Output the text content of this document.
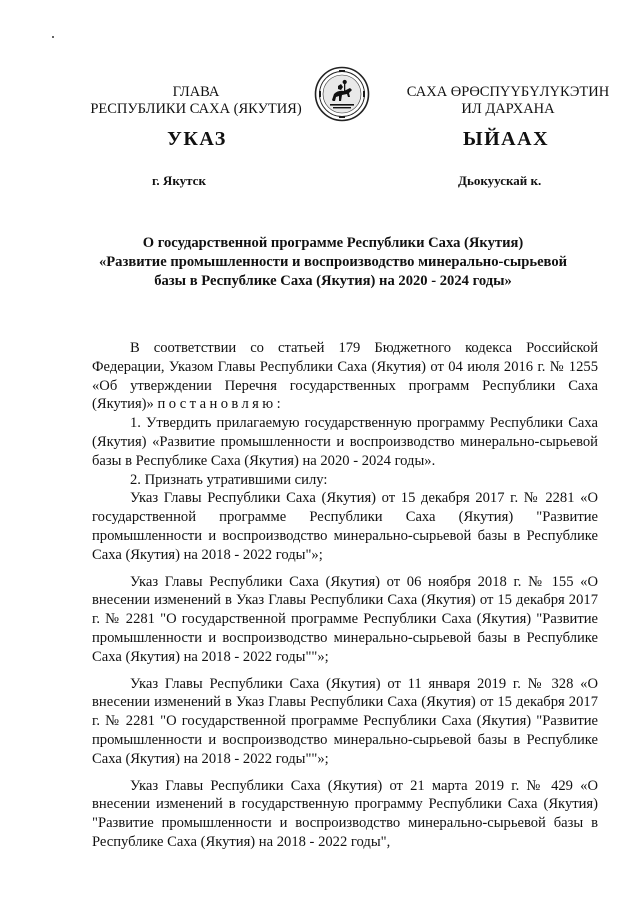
ГЛАВА
РЕСПУБЛИКИ САХА (ЯКУТИЯ)
САХА ӨРӨСПҮҮБҮЛҮКЭТИН
ИЛ ДАРХАНА
УКАЗ	ЫЙААХ
г. Якутск	Дьокуускай к.
О государственной программе Республики Саха (Якутия)
«Развитие промышленности и воспроизводство минерально-сырьевой
базы в Республике Саха (Якутия) на 2020 - 2024 годы»

В соответствии со статьей 179 Бюджетного кодекса Российской Федерации, Указом Главы Республики Саха (Якутия) от 04 июля 2016 г. № 1255 «Об утверждении Перечня государственных программ Республики Саха (Якутия)» постановляю:

1. Утвердить прилагаемую государственную программу Республики Саха (Якутия) «Развитие промышленности и воспроизводство минерально-сырьевой базы в Республике Саха (Якутия) на 2020 - 2024 годы».

2. Признать утратившими силу:

Указ Главы Республики Саха (Якутия) от 15 декабря 2017 г. № 2281 «О государственной программе Республики Саха (Якутия) "Развитие промышленности и воспроизводство минерально-сырьевой базы в Республике Саха (Якутия) на 2018 - 2022 годы"»;

Указ Главы Республики Саха (Якутия) от 06 ноября 2018 г. № 155 «О внесении изменений в Указ Главы Республики Саха (Якутия) от 15 декабря 2017 г. № 2281 "О государственной программе Республики Саха (Якутия) "Развитие промышленности и воспроизводство минерально-сырьевой базы в Республике Саха (Якутия) на 2018 - 2022 годы""»;

Указ Главы Республики Саха (Якутия) от 11 января 2019 г. № 328 «О внесении изменений в Указ Главы Республики Саха (Якутия) от 15 декабря 2017 г. № 2281 "О государственной программе Республики Саха (Якутия) "Развитие промышленности и воспроизводство минерально-сырьевой базы в Республике Саха (Якутия) на 2018 - 2022 годы""»;

Указ Главы Республики Саха (Якутия) от 21 марта 2019 г. № 429 «О внесении изменений в государственную программу Республики Саха (Якутия) "Развитие промышленности и воспроизводство минерально-сырьевой базы в Республике Саха (Якутия) на 2018 - 2022 годы",
